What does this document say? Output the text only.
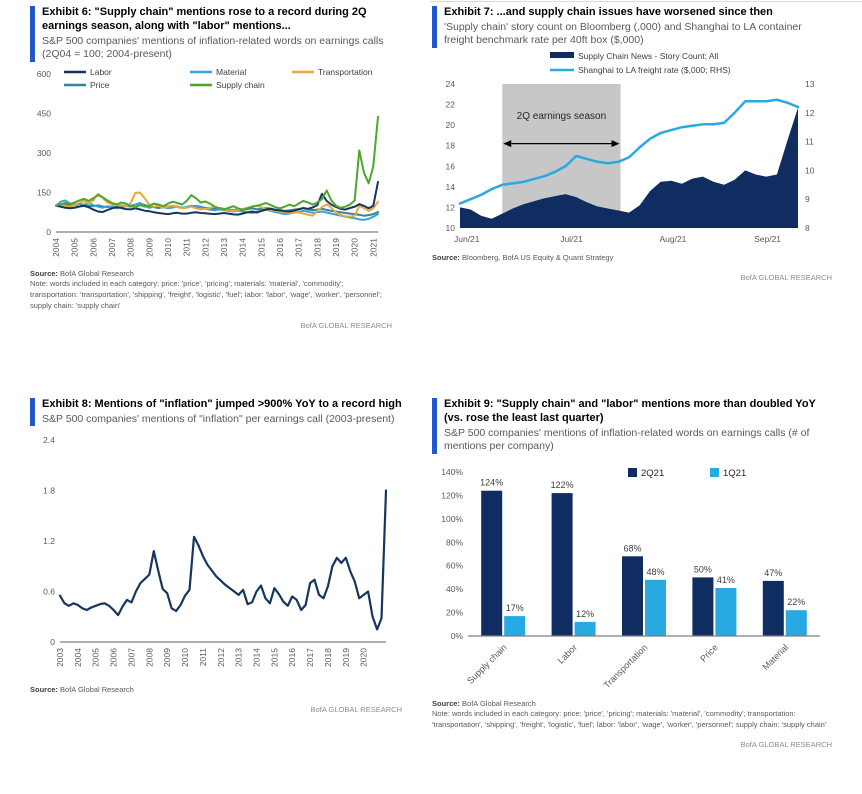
Exhibit 6: "Supply chain" mentions rose to a record during 2Q earnings season, along with "labor" mentions...
S&P 500 companies' mentions of inflation-related words on earnings calls (2Q04 = 100; 2004-present)
0
150
300
450
600
2004 2005 2006 2007 2008 2009 2010 2011 2012 2013 2014 2015 2016 2017 2018 2019 2020 2021
Price
Material	Transportation
Labor
Supply chain
Source: BofA Global Research
Note: words included in each category: price: 'price', 'pricing'; materials: 'material', 'commodity'; transportation: 'transportation', 'shipping', 'freight', 'logistic', 'fuel'; labor: 'labor', 'wage', 'worker', 'personnel'; supply chain: 'supply chain'
BofA GLOBAL RESEARCH
Exhibit 7: ...and supply chain issues have worsened since then
'Supply chain' story count on Bloomberg (,000) and Shanghai to LA container freight benchmark rate per 40ft box ($,000)
2Q earnings season
10
12
14
16
18
20
22
24
8
9
10
11
12
13
Jun/21	Jul/21	Aug/21	Sep/21
Supply Chain News - Story Count: All
Shanghai to LA freight rate ($,000; RHS)
Source: Bloomberg, BofA US Equity & Quant Strategy
BofA GLOBAL RESEARCH
Exhibit 8: Mentions of "inflation" jumped >900% YoY to a record high
S&P 500 companies' mentions of "inflation" per earnings call (2003-present)
0
0.6
1.2
1.8
2.4
2003 2004 2005 2006 2007 2008 2009 2010 2011 2012 2013 2014 2015 2016 2017 2018 2019 2020
Source: BofA Global Research
BofA GLOBAL RESEARCH
Exhibit 9: "Supply chain" and "labor" mentions more than doubled YoY (vs. rose the least last quarter)
S&P 500 companies' mentions of inflation-related words on earnings calls (# of mentions per company)
0%
20%
40%
60%
80%
100%
120%
140%
124%	122%
68%
50%	47%
17%
12%
48%
41%
22%
Supply chain	Labor	Transportation	Price	Material
2Q21	1Q21
Source: BofA Global Research
Note: words included in each category: price: 'price', 'pricing'; materials: 'material', 'commodity'; transportation: 'transportation', 'shipping', 'freight', 'logistic', 'fuel'; labor: 'labor', 'wage', 'worker', 'personnel'; supply chain: 'supply chain'
BofA GLOBAL RESEARCH
